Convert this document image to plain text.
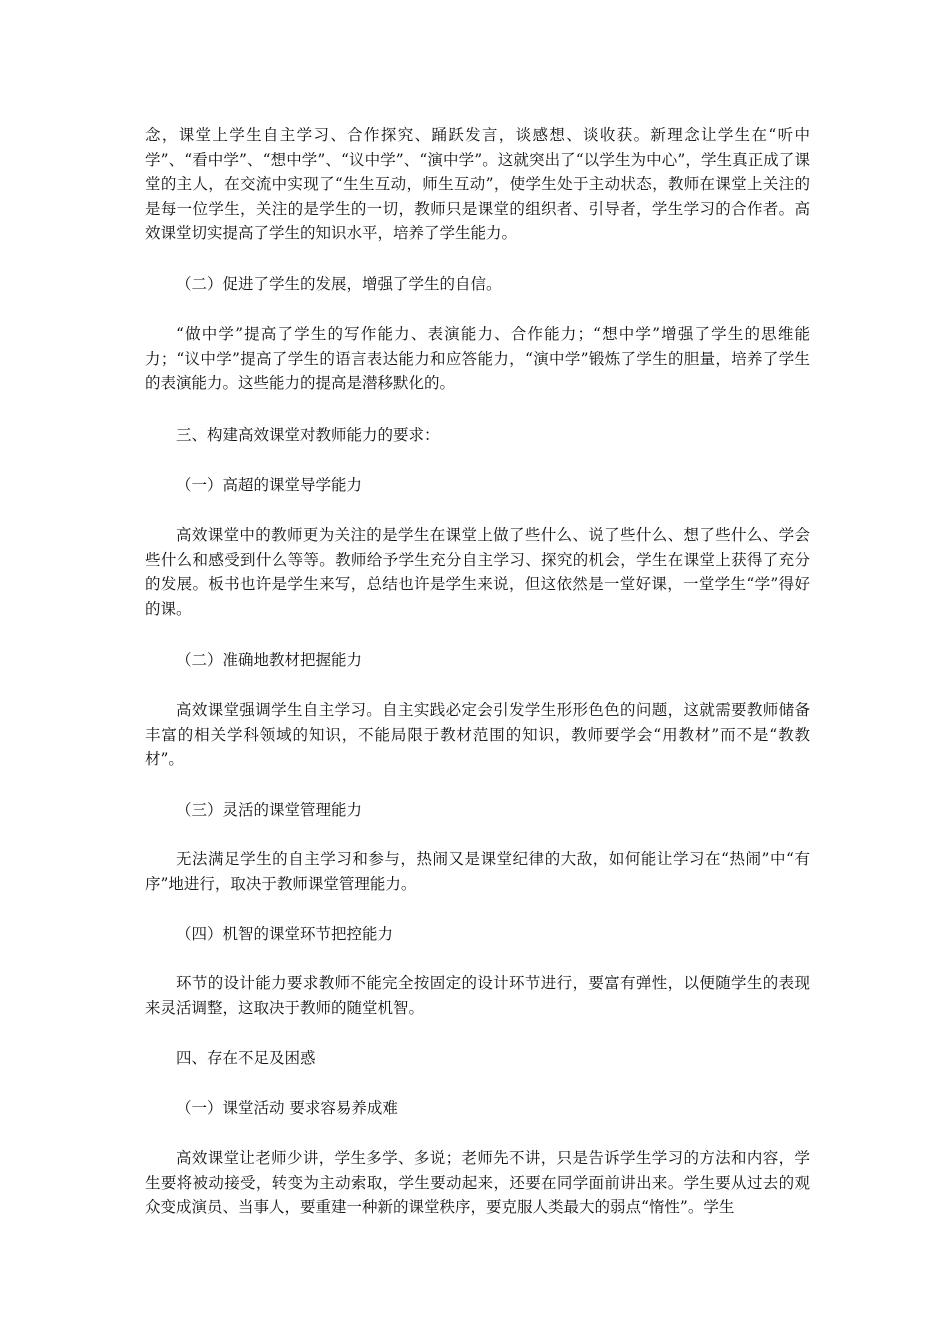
念，课堂上学生自主学习、合作探究、踊跃发言，谈感想、谈收获。新理念让学生在“听中学”、“看中学”、“想中学”、“议中学”、“演中学”。这就突出了“以学生为中心”，学生真正成了课堂的主人，在交流中实现了“生生互动，师生互动”，使学生处于主动状态，教师在课堂上关注的是每一位学生，关注的是学生的一切，教师只是课堂的组织者、引导者，学生学习的合作者。高效课堂切实提高了学生的知识水平，培养了学生能力。

（二）促进了学生的发展，增强了学生的自信。

“做中学”提高了学生的写作能力、表演能力、合作能力；“想中学”增强了学生的思维能力；“议中学”提高了学生的语言表达能力和应答能力，“演中学”锻炼了学生的胆量，培养了学生的表演能力。这些能力的提高是潜移默化的。

三、构建高效课堂对教师能力的要求：

（一）高超的课堂导学能力

高效课堂中的教师更为关注的是学生在课堂上做了些什么、说了些什么、想了些什么、学会些什么和感受到什么等等。教师给予学生充分自主学习、探究的机会，学生在课堂上获得了充分的发展。板书也许是学生来写，总结也许是学生来说，但这依然是一堂好课，一堂学生“学”得好的课。

（二）准确地教材把握能力

高效课堂强调学生自主学习。自主实践必定会引发学生形形色色的问题，这就需要教师储备丰富的相关学科领域的知识，不能局限于教材范围的知识，教师要学会“用教材”而不是“教教材”。

（三）灵活的课堂管理能力

无法满足学生的自主学习和参与，热闹又是课堂纪律的大敌，如何能让学习在“热闹”中“有序”地进行，取决于教师课堂管理能力。

（四）机智的课堂环节把控能力

环节的设计能力要求教师不能完全按固定的设计环节进行，要富有弹性，以便随学生的表现来灵活调整，这取决于教师的随堂机智。

四、存在不足及困惑

（一）课堂活动 要求容易养成难

高效课堂让老师少讲，学生多学、多说；老师先不讲，只是告诉学生学习的方法和内容，学生要将被动接受，转变为主动索取，学生要动起来，还要在同学面前讲出来。学生要从过去的观众变成演员、当事人，要重建一种新的课堂秩序，要克服人类最大的弱点“惰性”。学生
